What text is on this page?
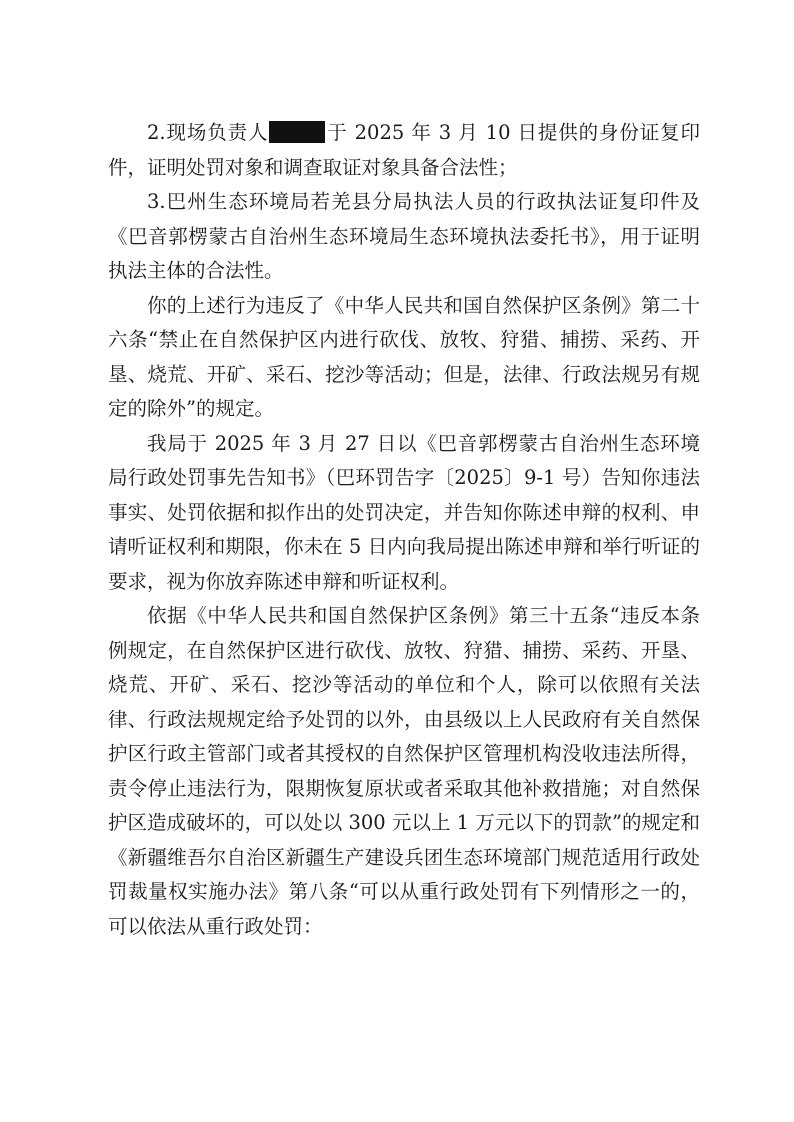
2.现场负责人	于 2025 年 3 月 10 日提供的身份证复印件，证明处罚对象和调查取证对象具备合法性；

3.巴州生态环境局若羌县分局执法人员的行政执法证复印件及《巴音郭楞蒙古自治州生态环境局生态环境执法委托书》，用于证明执法主体的合法性。

你的上述行为违反了《中华人民共和国自然保护区条例》第二十六条“禁止在自然保护区内进行砍伐、放牧、狩猎、捕捞、采药、开垦、烧荒、开矿、采石、挖沙等活动；但是，法律、行政法规另有规定的除外”的规定。

我局于 2025 年 3 月 27 日以《巴音郭楞蒙古自治州生态环境局行政处罚事先告知书》（巴环罚告字〔2025〕9-1 号）告知你违法事实、处罚依据和拟作出的处罚决定，并告知你陈述申辩的权利、申请听证权利和期限，你未在 5 日内向我局提出陈述申辩和举行听证的要求，视为你放弃陈述申辩和听证权利。

依据《中华人民共和国自然保护区条例》第三十五条“违反本条例规定，在自然保护区进行砍伐、放牧、狩猎、捕捞、采药、开垦、烧荒、开矿、采石、挖沙等活动的单位和个人，除可以依照有关法律、行政法规规定给予处罚的以外，由县级以上人民政府有关自然保护区行政主管部门或者其授权的自然保护区管理机构没收违法所得，责令停止违法行为，限期恢复原状或者采取其他补救措施；对自然保护区造成破坏的，可以处以 300 元以上 1 万元以下的罚款”的规定和《新疆维吾尔自治区新疆生产建设兵团生态环境部门规范适用行政处罚裁量权实施办法》第八条“可以从重行政处罚有下列情形之一的，可以依法从重行政处罚：
